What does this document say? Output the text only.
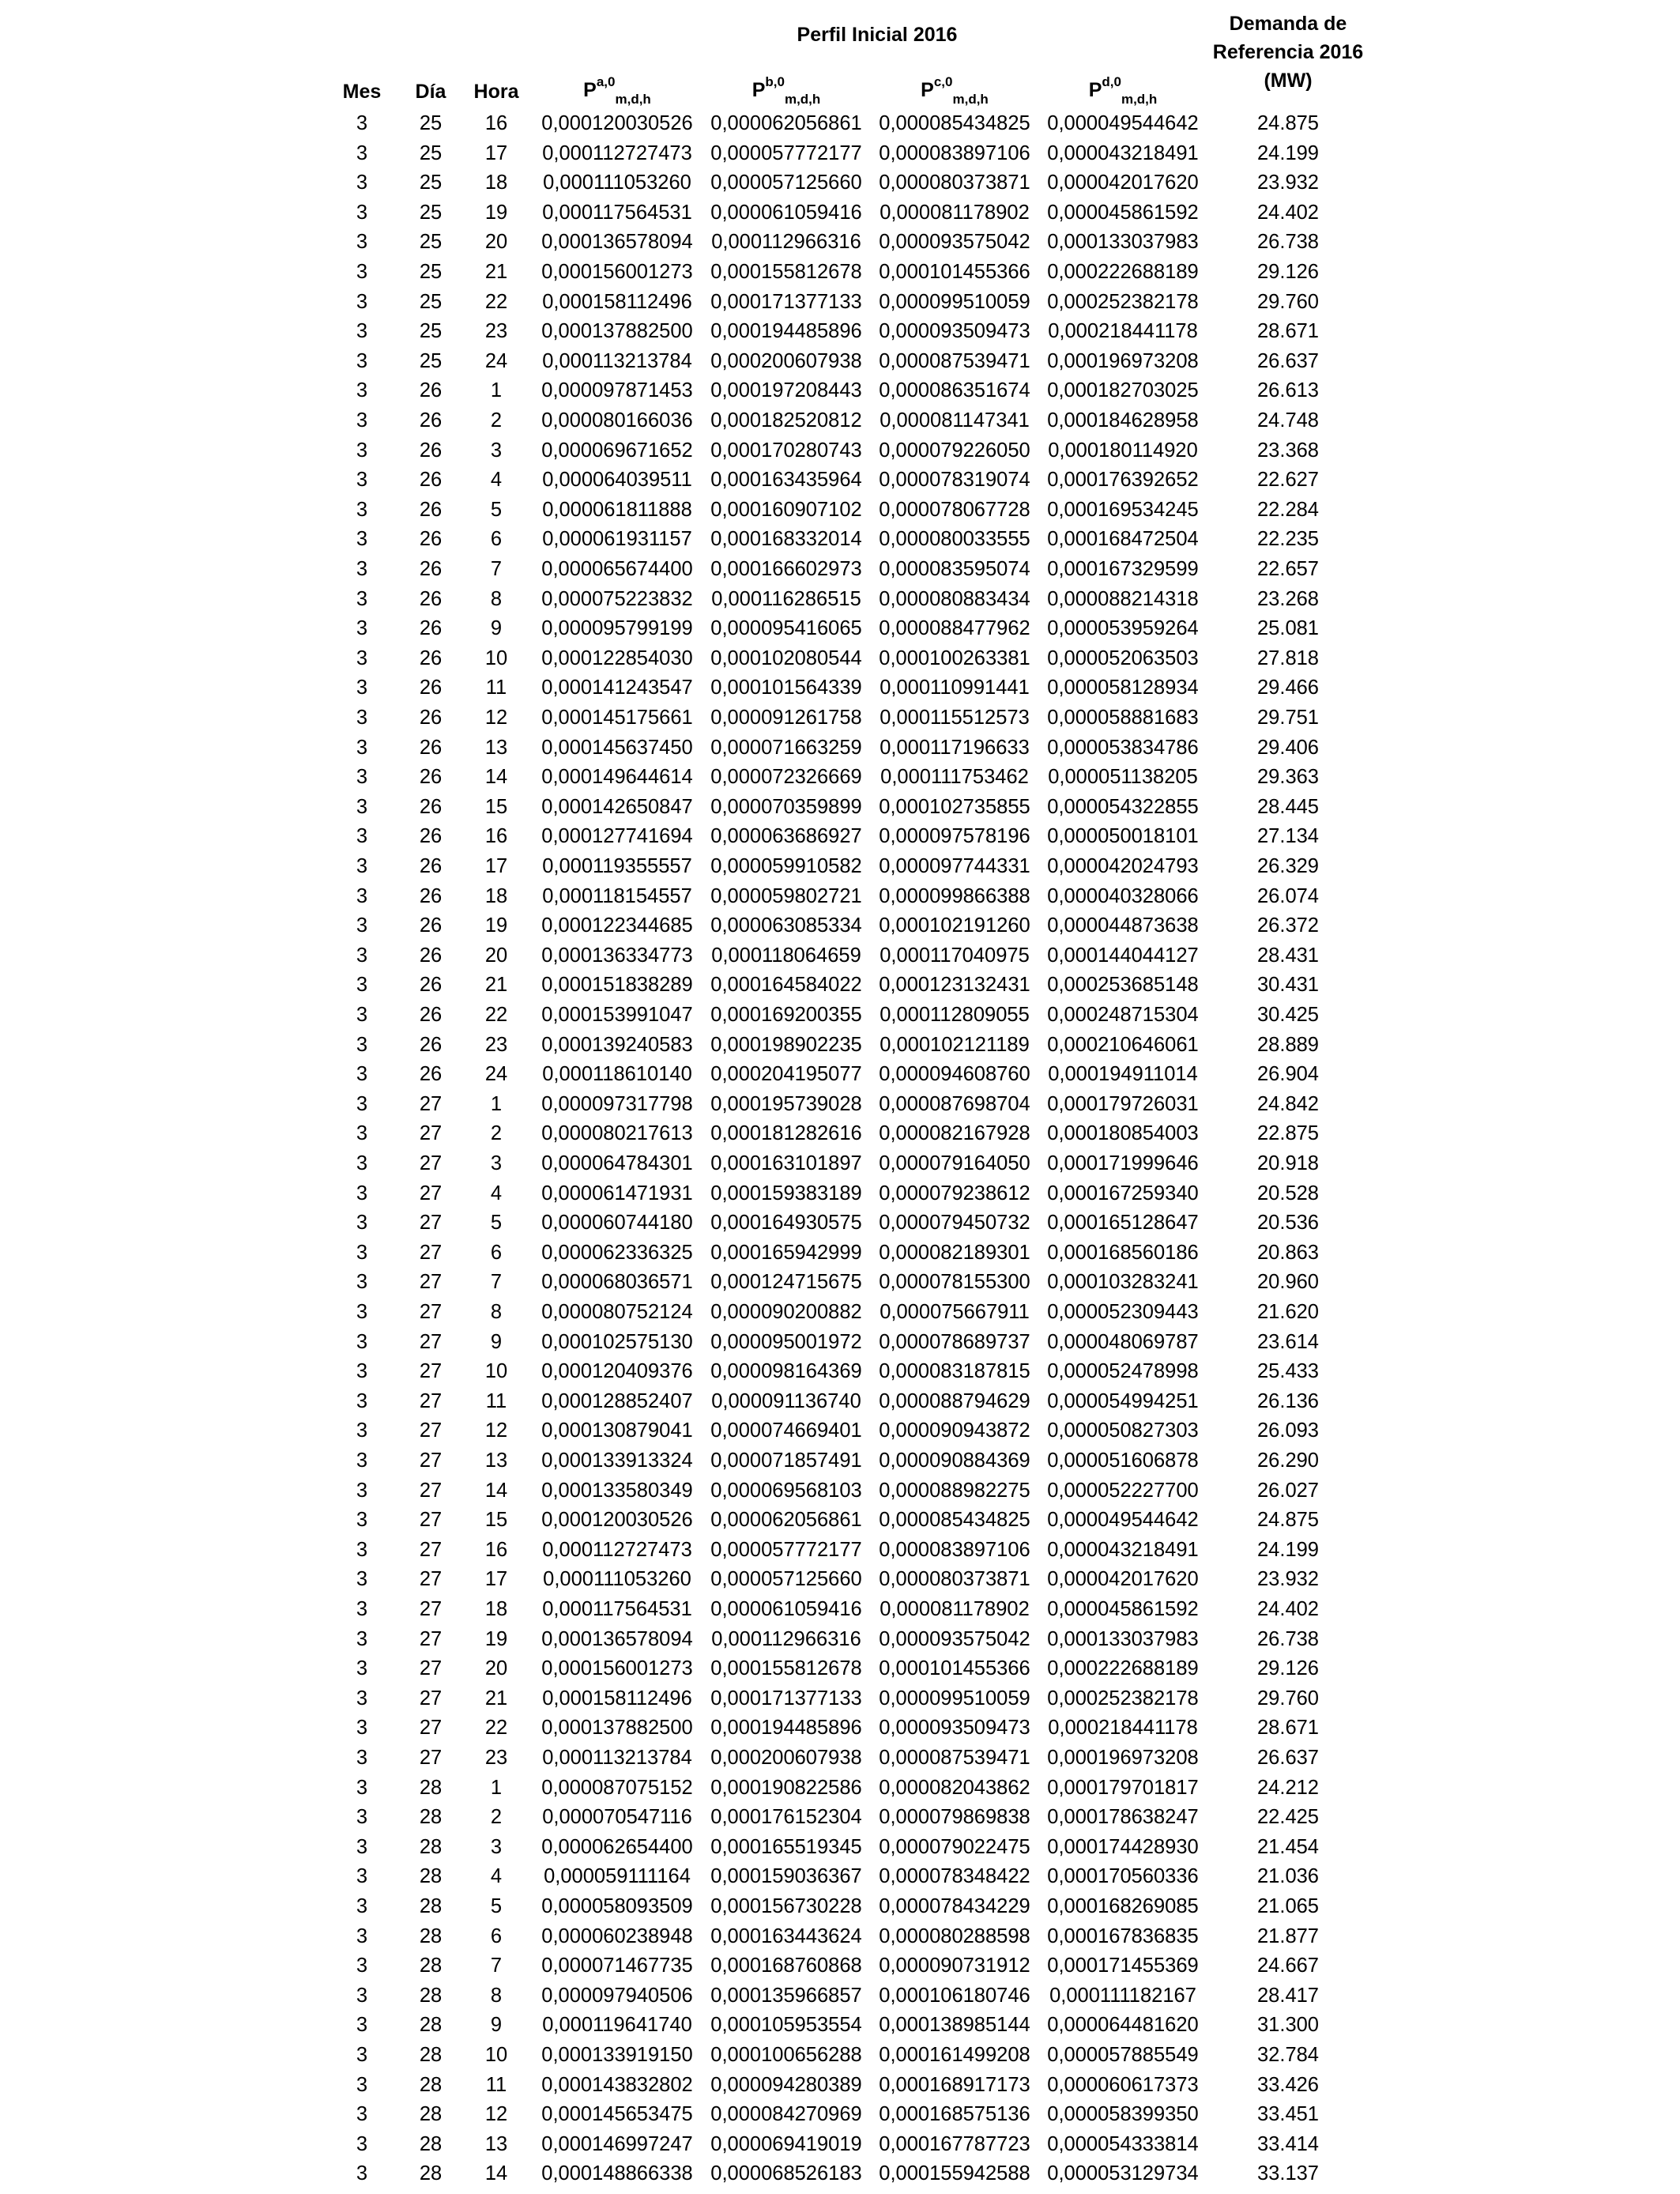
Perfil Inicial 2016	Demanda de
Referencia 2016
(MW)
Mes	Día	Hora	P$^{a,0}_{m,d,h}$	P$^{b,0}_{m,d,h}$	P$^{c,0}_{m,d,h}$	P$^{d,0}_{m,d,h}$
3	25	16	0,000120030526 0,000062056861 0,000085434825 0,000049544642	24.875
3	25	17	0,000112727473 0,000057772177 0,000083897106 0,000043218491	24.199
3	25	18	0,000111053260 0,000057125660 0,000080373871 0,000042017620	23.932
3	25	19	0,000117564531 0,000061059416 0,000081178902 0,000045861592	24.402
3	25	20	0,000136578094 0,000112966316 0,000093575042 0,000133037983	26.738
3	25	21	0,000156001273 0,000155812678 0,000101455366 0,000222688189	29.126
3	25	22	0,000158112496 0,000171377133 0,000099510059 0,000252382178	29.760
3	25	23	0,000137882500 0,000194485896 0,000093509473 0,000218441178	28.671
3	25	24	0,000113213784 0,000200607938 0,000087539471 0,000196973208	26.637
3	26	1	0,000097871453 0,000197208443 0,000086351674 0,000182703025	26.613
3	26	2	0,000080166036 0,000182520812 0,000081147341 0,000184628958	24.748
3	26	3	0,000069671652 0,000170280743 0,000079226050 0,000180114920	23.368
3	26	4	0,000064039511 0,000163435964 0,000078319074 0,000176392652	22.627
3	26	5	0,000061811888 0,000160907102 0,000078067728 0,000169534245	22.284
3	26	6	0,000061931157 0,000168332014 0,000080033555 0,000168472504	22.235
3	26	7	0,000065674400 0,000166602973 0,000083595074 0,000167329599	22.657
3	26	8	0,000075223832 0,000116286515 0,000080883434 0,000088214318	23.268
3	26	9	0,000095799199 0,000095416065 0,000088477962 0,000053959264	25.081
3	26	10	0,000122854030 0,000102080544 0,000100263381 0,000052063503	27.818
3	26	11	0,000141243547 0,000101564339 0,000110991441 0,000058128934	29.466
3	26	12	0,000145175661 0,000091261758 0,000115512573 0,000058881683	29.751
3	26	13	0,000145637450 0,000071663259 0,000117196633 0,000053834786	29.406
3	26	14	0,000149644614 0,000072326669 0,000111753462 0,000051138205	29.363
3	26	15	0,000142650847 0,000070359899 0,000102735855 0,000054322855	28.445
3	26	16	0,000127741694 0,000063686927 0,000097578196 0,000050018101	27.134
3	26	17	0,000119355557 0,000059910582 0,000097744331 0,000042024793	26.329
3	26	18	0,000118154557 0,000059802721 0,000099866388 0,000040328066	26.074
3	26	19	0,000122344685 0,000063085334 0,000102191260 0,000044873638	26.372
3	26	20	0,000136334773 0,000118064659 0,000117040975 0,000144044127	28.431
3	26	21	0,000151838289 0,000164584022 0,000123132431 0,000253685148	30.431
3	26	22	0,000153991047 0,000169200355 0,000112809055 0,000248715304	30.425
3	26	23	0,000139240583 0,000198902235 0,000102121189 0,000210646061	28.889
3	26	24	0,000118610140 0,000204195077 0,000094608760 0,000194911014	26.904
3	27	1	0,000097317798 0,000195739028 0,000087698704 0,000179726031	24.842
3	27	2	0,000080217613 0,000181282616 0,000082167928 0,000180854003	22.875
3	27	3	0,000064784301 0,000163101897 0,000079164050 0,000171999646	20.918
3	27	4	0,000061471931 0,000159383189 0,000079238612 0,000167259340	20.528
3	27	5	0,000060744180 0,000164930575 0,000079450732 0,000165128647	20.536
3	27	6	0,000062336325 0,000165942999 0,000082189301 0,000168560186	20.863
3	27	7	0,000068036571 0,000124715675 0,000078155300 0,000103283241	20.960
3	27	8	0,000080752124 0,000090200882 0,000075667911 0,000052309443	21.620
3	27	9	0,000102575130 0,000095001972 0,000078689737 0,000048069787	23.614
3	27	10	0,000120409376 0,000098164369 0,000083187815 0,000052478998	25.433
3	27	11	0,000128852407 0,000091136740 0,000088794629 0,000054994251	26.136
3	27	12	0,000130879041 0,000074669401 0,000090943872 0,000050827303	26.093
3	27	13	0,000133913324 0,000071857491 0,000090884369 0,000051606878	26.290
3	27	14	0,000133580349 0,000069568103 0,000088982275 0,000052227700	26.027
3	27	15	0,000120030526 0,000062056861 0,000085434825 0,000049544642	24.875
3	27	16	0,000112727473 0,000057772177 0,000083897106 0,000043218491	24.199
3	27	17	0,000111053260 0,000057125660 0,000080373871 0,000042017620	23.932
3	27	18	0,000117564531 0,000061059416 0,000081178902 0,000045861592	24.402
3	27	19	0,000136578094 0,000112966316 0,000093575042 0,000133037983	26.738
3	27	20	0,000156001273 0,000155812678 0,000101455366 0,000222688189	29.126
3	27	21	0,000158112496 0,000171377133 0,000099510059 0,000252382178	29.760
3	27	22	0,000137882500 0,000194485896 0,000093509473 0,000218441178	28.671
3	27	23	0,000113213784 0,000200607938 0,000087539471 0,000196973208	26.637
3	28	1	0,000087075152 0,000190822586 0,000082043862 0,000179701817	24.212
3	28	2	0,000070547116 0,000176152304 0,000079869838 0,000178638247	22.425
3	28	3	0,000062654400 0,000165519345 0,000079022475 0,000174428930	21.454
3	28	4	0,000059111164 0,000159036367 0,000078348422 0,000170560336	21.036
3	28	5	0,000058093509 0,000156730228 0,000078434229 0,000168269085	21.065
3	28	6	0,000060238948 0,000163443624 0,000080288598 0,000167836835	21.877
3	28	7	0,000071467735 0,000168760868 0,000090731912 0,000171455369	24.667
3	28	8	0,000097940506 0,000135966857 0,000106180746 0,000111182167	28.417
3	28	9	0,000119641740 0,000105953554 0,000138985144 0,000064481620	31.300
3	28	10	0,000133919150 0,000100656288 0,000161499208 0,000057885549	32.784
3	28	11	0,000143832802 0,000094280389 0,000168917173 0,000060617373	33.426
3	28	12	0,000145653475 0,000084270969 0,000168575136 0,000058399350	33.451
3	28	13	0,000146997247 0,000069419019 0,000167787723 0,000054333814	33.414
3	28	14	0,000148866338 0,000068526183 0,000155942588 0,000053129734	33.137
